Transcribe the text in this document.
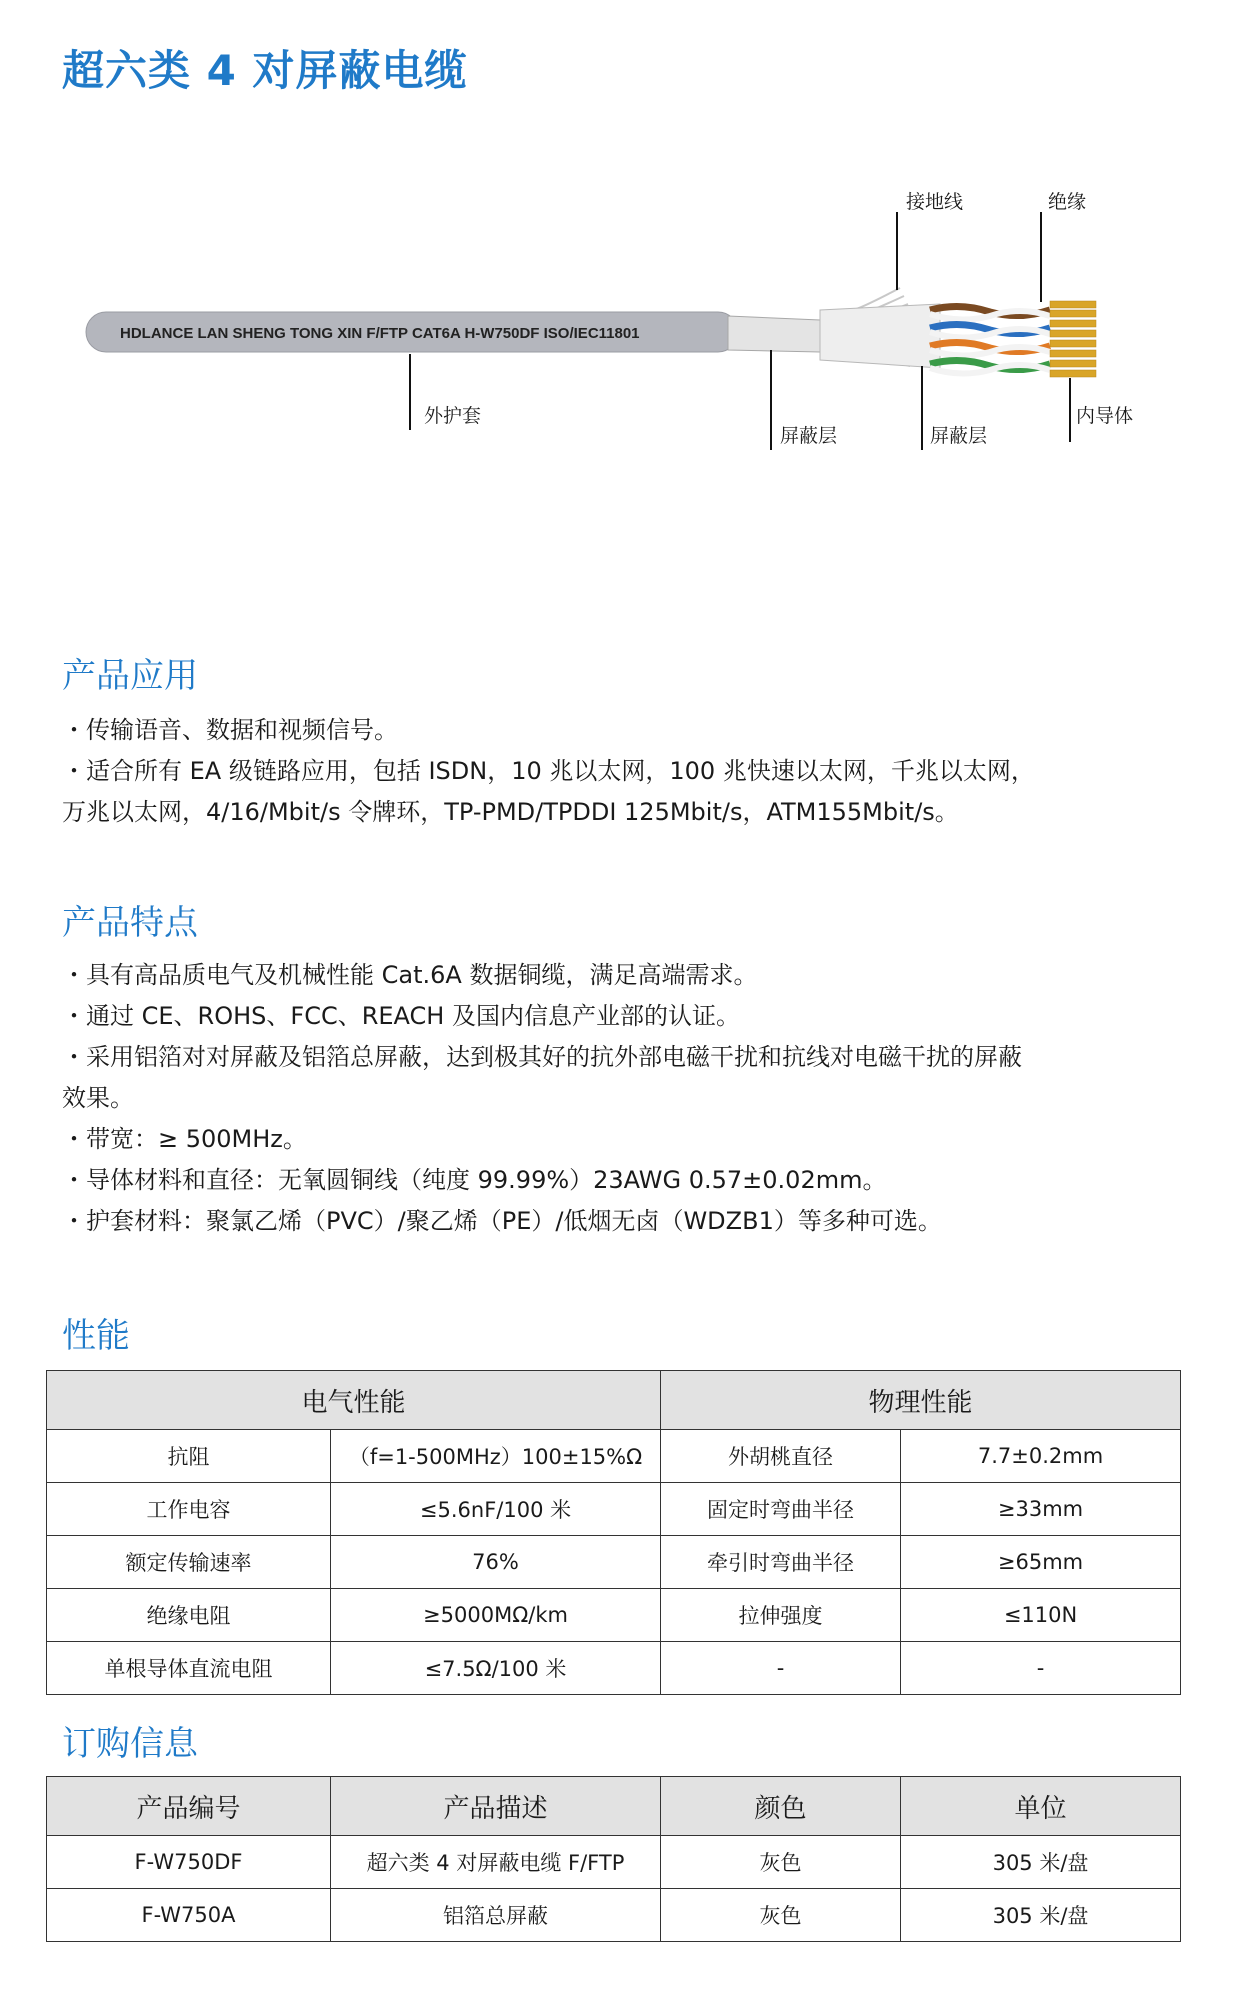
超六类 4 对屏蔽电缆
HDLANCE LAN SHENG TONG XIN F/FTP CAT6A H-W750DF ISO/IEC11801
接地线	绝缘
外护套
屏蔽层	屏蔽层
内导体
产品应用

・传输语音、数据和视频信号。

・适合所有 EA 级链路应用，包括 ISDN，10 兆以太网，100 兆快速以太网，千兆以太网，

万兆以太网，4/16/Mbit/s 令牌环，TP-PMD/TPDDI 125Mbit/s，ATM155Mbit/s。

产品特点

・具有高品质电气及机械性能 Cat.6A 数据铜缆，满足高端需求。

・通过 CE、ROHS、FCC、REACH 及国内信息产业部的认证。

・采用铝箔对对屏蔽及铝箔总屏蔽，达到极其好的抗外部电磁干扰和抗线对电磁干扰的屏蔽

效果。

・带宽：≥ 500MHz。

・导体材料和直径：无氧圆铜线（纯度 99.99%）23AWG 0.57±0.02mm。

・护套材料：聚氯乙烯（PVC）/聚乙烯（PE）/低烟无卤（WDZB1）等多种可选。

性能
电气性能		物理性能	
抗阻	（f=1-500MHz）100±15%Ω	外胡桃直径	7.7±0.2mm
工作电容	≤5.6nF/100 米	固定时弯曲半径	≥33mm
额定传输速率	76%	牵引时弯曲半径	≥65mm
绝缘电阻	≥5000MΩ/km	拉伸强度	≤110N
单根导体直流电阻	≤7.5Ω/100 米	-	-
订购信息
产品编号	产品描述	颜色	单位
F-W750DF	超六类 4 对屏蔽电缆 F/FTP	灰色	305 米/盘
F-W750A	铝箔总屏蔽	灰色	305 米/盘
